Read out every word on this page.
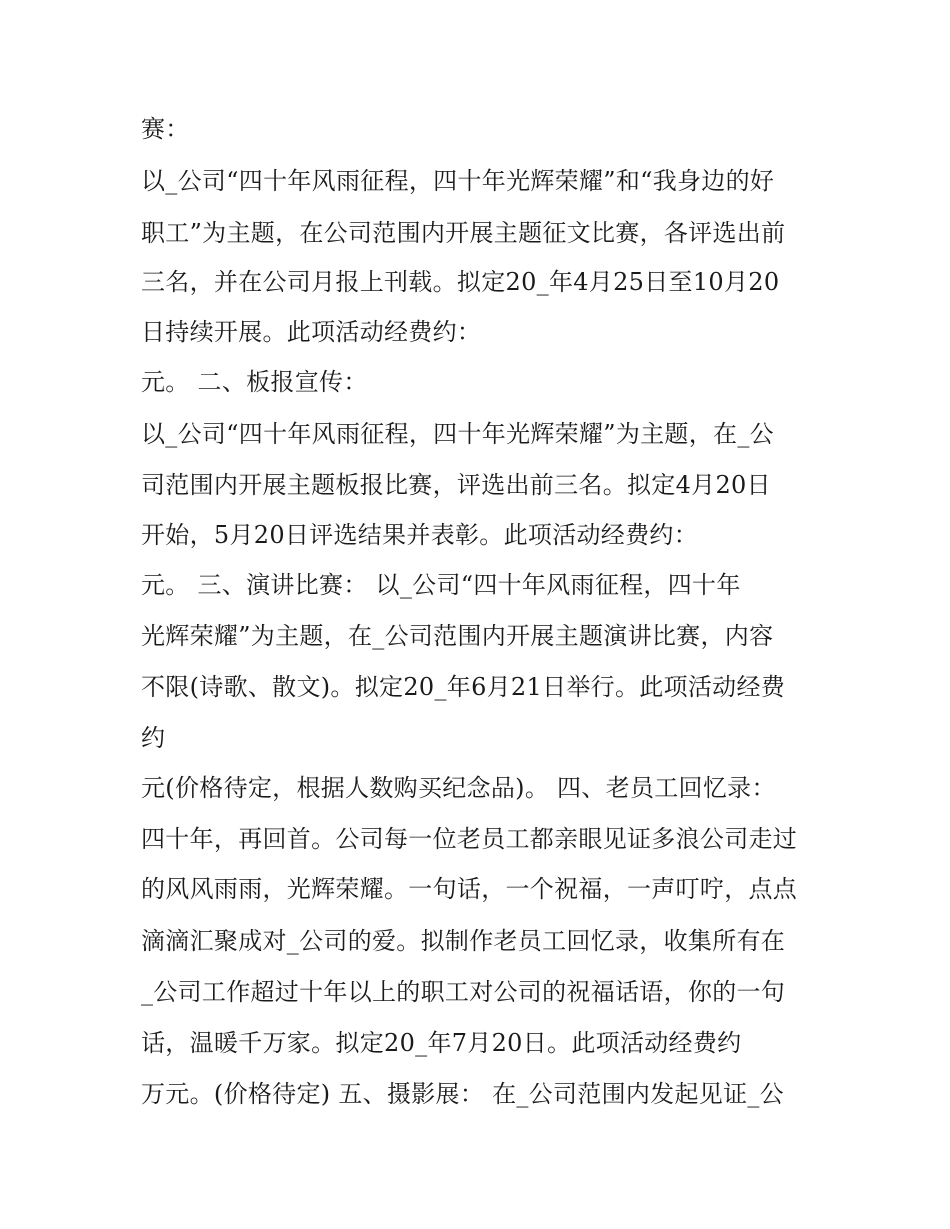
赛：
以_公司“四十年风雨征程，四十年光辉荣耀”和“我身边的好
职工”为主题，在公司范围内开展主题征文比赛，各评选出前
三名，并在公司月报上刊载。拟定20_年4月25日至10月20
日持续开展。此项活动经费约：
元。 二、板报宣传：
以_公司“四十年风雨征程，四十年光辉荣耀”为主题，在_公
司范围内开展主题板报比赛，评选出前三名。拟定4月20日
开始，5月20日评选结果并表彰。此项活动经费约：
元。 三、演讲比赛： 以_公司“四十年风雨征程，四十年
光辉荣耀”为主题，在_公司范围内开展主题演讲比赛，内容
不限(诗歌、散文)。拟定20_年6月21日举行。此项活动经费
约
元(价格待定，根据人数购买纪念品)。 四、老员工回忆录：
四十年，再回首。公司每一位老员工都亲眼见证多浪公司走过
的风风雨雨，光辉荣耀。一句话，一个祝福，一声叮咛，点点
滴滴汇聚成对_公司的爱。拟制作老员工回忆录，收集所有在
_公司工作超过十年以上的职工对公司的祝福话语，你的一句
话，温暖千万家。拟定20_年7月20日。此项活动经费约
万元。(价格待定) 五、摄影展： 在_公司范围内发起见证_公
